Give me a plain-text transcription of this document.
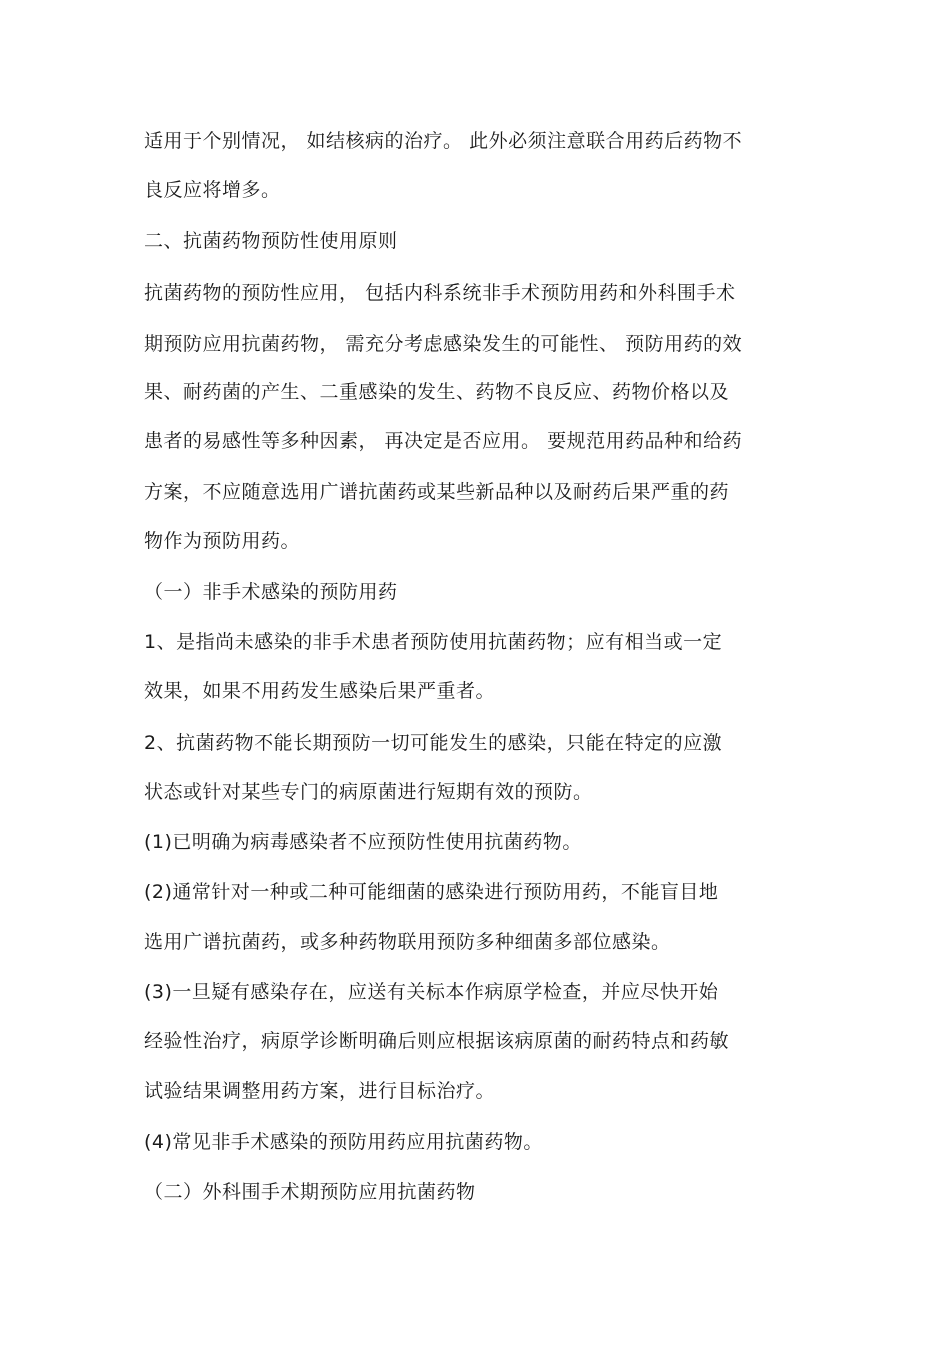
适用于个别情况， 如结核病的治疗。 此外必须注意联合用药后药物不
良反应将增多。
二、抗菌药物预防性使用原则
抗菌药物的预防性应用， 包括内科系统非手术预防用药和外科围手术
期预防应用抗菌药物， 需充分考虑感染发生的可能性、 预防用药的效
果、耐药菌的产生、二重感染的发生、药物不良反应、药物价格以及
患者的易感性等多种因素， 再决定是否应用。 要规范用药品种和给药
方案，不应随意选用广谱抗菌药或某些新品种以及耐药后果严重的药
物作为预防用药。
（一）非手术感染的预防用药
1、是指尚未感染的非手术患者预防使用抗菌药物；应有相当或一定
效果，如果不用药发生感染后果严重者。
2、抗菌药物不能长期预防一切可能发生的感染，只能在特定的应激
状态或针对某些专门的病原菌进行短期有效的预防。
(1)已明确为病毒感染者不应预防性使用抗菌药物。
(2)通常针对一种或二种可能细菌的感染进行预防用药，不能盲目地
选用广谱抗菌药，或多种药物联用预防多种细菌多部位感染。
(3)一旦疑有感染存在，应送有关标本作病原学检查，并应尽快开始
经验性治疗，病原学诊断明确后则应根据该病原菌的耐药特点和药敏
试验结果调整用药方案，进行目标治疗。
(4)常见非手术感染的预防用药应用抗菌药物。
（二）外科围手术期预防应用抗菌药物
